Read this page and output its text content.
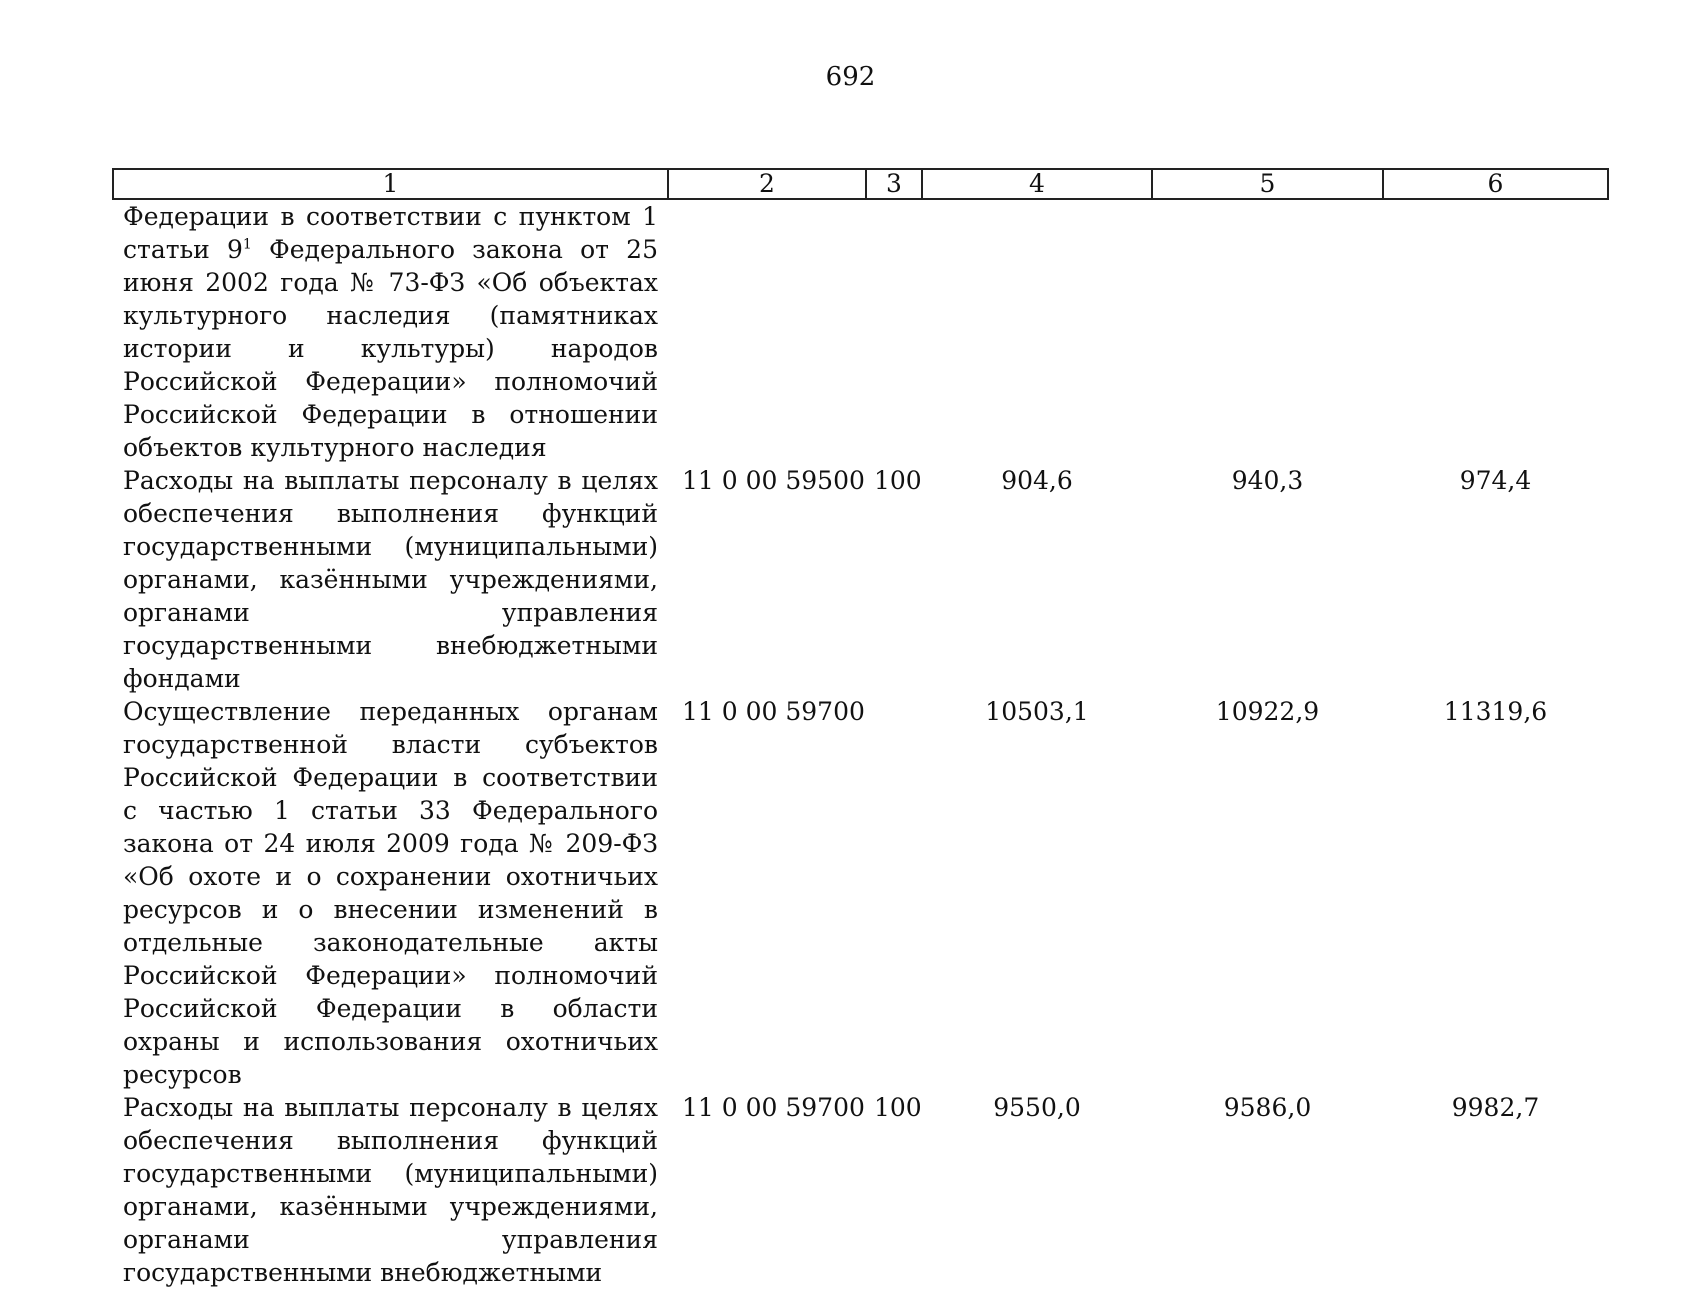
692
1	2	3	4	5	6
Федерации в соответствии с пунктом 1 статьи $9^1$ Федерального закона от 25 июня 2002 года № 73-ФЗ «Об объектах культурного наследия (памятниках истории и культуры) народов Российской Федерации» полномочий Российской Федерации в отношении объектов культурного наследия					
Расходы на выплаты персоналу в целях обеспечения выполнения функций государственными (муниципальными) органами, казёнными учреждениями, органами управления государственными внебюджетными фондами	11 0 00 59500	100	904,6	940,3	974,4
Осуществление переданных органам государственной власти субъектов Российской Федерации в соответствии с частью 1 статьи 33 Федерального закона от 24 июля 2009 года № 209-ФЗ «Об охоте и о сохранении охотничьих ресурсов и о внесении изменений в отдельные законодательные акты Российской Федерации» полномочий Российской Федерации в области охраны и использования охотничьих ресурсов	11 0 00 59700		10503,1	10922,9	11319,6
Расходы на выплаты персоналу в целях обеспечения выполнения функций государственными (муниципальными) органами, казёнными учреждениями, органами управления государственными внебюджетными	11 0 00 59700	100	9550,0	9586,0	9982,7
